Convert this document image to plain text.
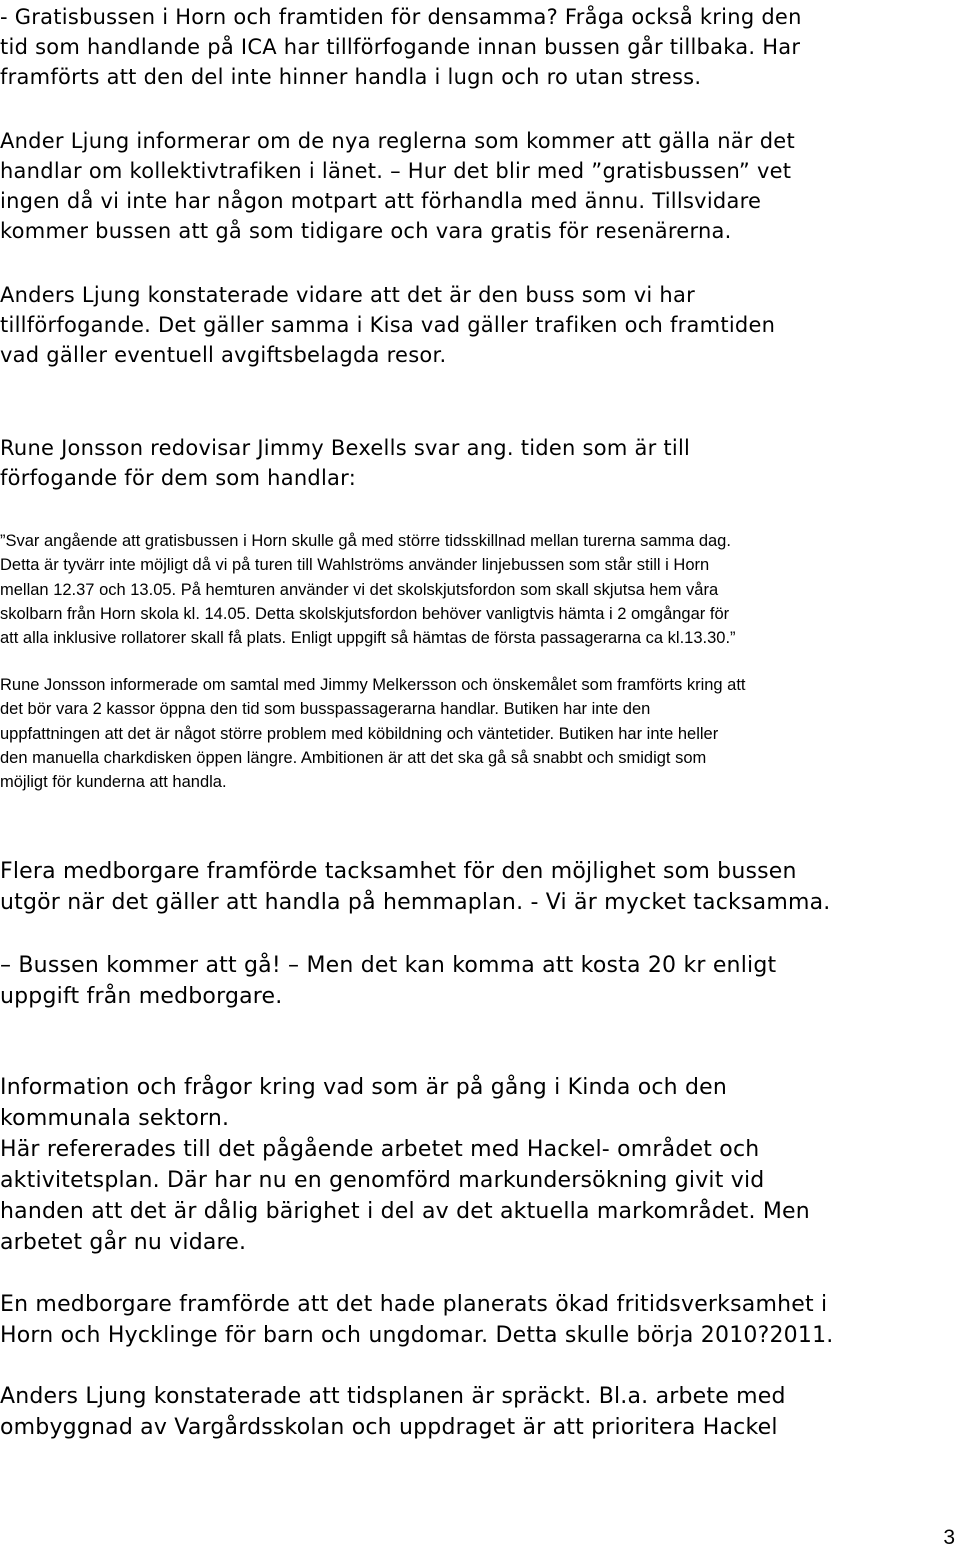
- Gratisbussen i Horn och framtiden för densamma? Fråga också kring den
tid som handlande på ICA har tillförfogande innan bussen går tillbaka. Har
framförts att den del inte hinner handla i lugn och ro utan stress.

Ander Ljung informerar om de nya reglerna som kommer att gälla när det
handlar om kollektivtrafiken i länet. – Hur det blir med ”gratisbussen” vet
ingen då vi inte har någon motpart att förhandla med ännu. Tillsvidare
kommer bussen att gå som tidigare och vara gratis för resenärerna.

Anders Ljung konstaterade vidare att det är den buss som vi har
tillförfogande. Det gäller samma i Kisa vad gäller trafiken och framtiden
vad gäller eventuell avgiftsbelagda resor.

Rune Jonsson redovisar Jimmy Bexells svar ang. tiden som är till
förfogande för dem som handlar:

”Svar angående att gratisbussen i Horn skulle gå med större tidsskillnad mellan turerna samma dag.
Detta är tyvärr inte möjligt då vi på turen till Wahlströms använder linjebussen som står still i Horn
mellan 12.37 och 13.05. På hemturen använder vi det skolskjutsfordon som skall skjutsa hem våra
skolbarn från Horn skola kl. 14.05. Detta skolskjutsfordon behöver vanligtvis hämta i 2 omgångar för
att alla inklusive rollatorer skall få plats. Enligt uppgift så hämtas de första passagerarna ca kl.13.30.”

Rune Jonsson informerade om samtal med Jimmy Melkersson och önskemålet som framförts kring att
det bör vara 2 kassor öppna den tid som busspassagerarna handlar. Butiken har inte den
uppfattningen att det är något större problem med köbildning och väntetider. Butiken har inte heller
den manuella charkdisken öppen längre. Ambitionen är att det ska gå så snabbt och smidigt som
möjligt för kunderna att handla.

Flera medborgare framförde tacksamhet för den möjlighet som bussen
utgör när det gäller att handla på hemmaplan. - Vi är mycket tacksamma.

– Bussen kommer att gå! – Men det kan komma att kosta 20 kr enligt
uppgift från medborgare.

Information och frågor kring vad som är på gång i Kinda och den
kommunala sektorn.
Här refererades till det pågående arbetet med Hackel- området och
aktivitetsplan. Där har nu en genomförd markundersökning givit vid
handen att det är dålig bärighet i del av det aktuella markområdet. Men
arbetet går nu vidare.

En medborgare framförde att det hade planerats ökad fritidsverksamhet i
Horn och Hycklinge för barn och ungdomar. Detta skulle börja 2010?2011.

Anders Ljung konstaterade att tidsplanen är spräckt. Bl.a. arbete med
ombyggnad av Vargårdsskolan och uppdraget är att prioritera Hackel

3
